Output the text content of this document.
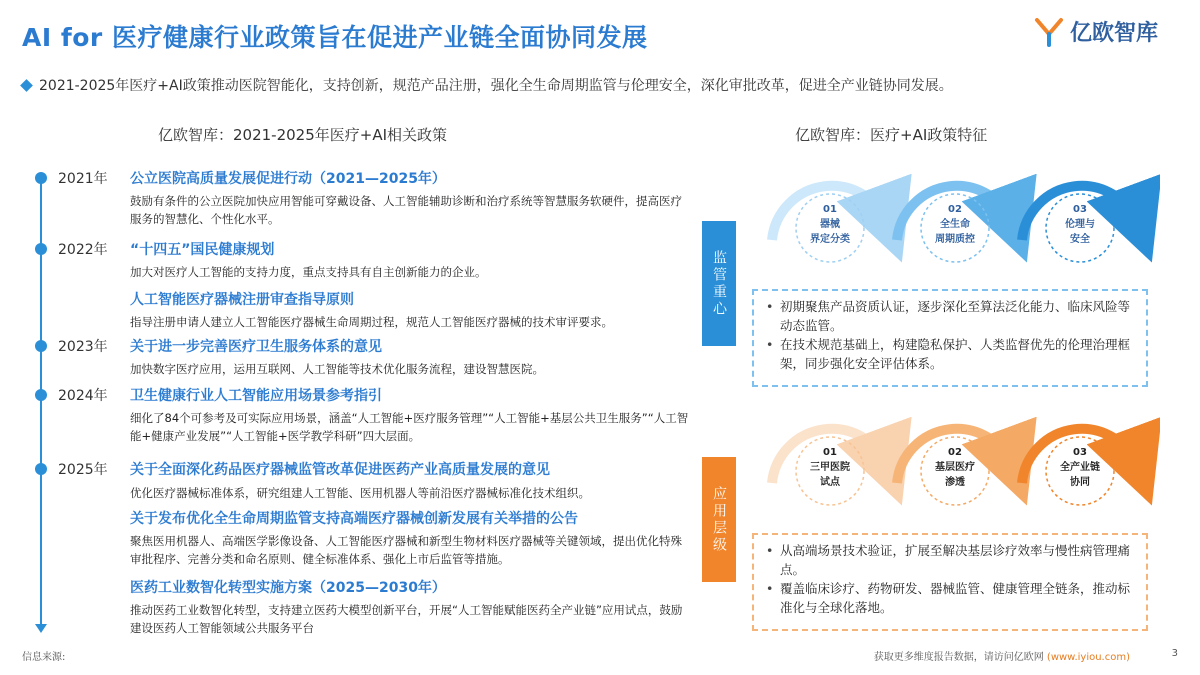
AI for 医疗健康行业政策旨在促进产业链全面协同发展	亿欧智库
2021-2025年医疗+AI政策推动医院智能化，支持创新，规范产品注册，强化全生命周期监管与伦理安全，深化审批改革，促进全产业链协同发展。
亿欧智库：2021-2025年医疗+AI相关政策	亿欧智库：医疗+AI政策特征
2021年 公立医院高质量发展促进行动（2021—2025年）
鼓励有条件的公立医院加快应用智能可穿戴设备、人工智能辅助诊断和治疗系统等智慧服务软硬件，提高医疗服务的智慧化、个性化水平。
2022年 “十四五”国民健康规划
加大对医疗人工智能的支持力度，重点支持具有自主创新能力的企业。
人工智能医疗器械注册审查指导原则
指导注册申请人建立人工智能医疗器械生命周期过程，规范人工智能医疗器械的技术审评要求。
2023年 关于进一步完善医疗卫生服务体系的意见
加快数字医疗应用，运用互联网、人工智能等技术优化服务流程，建设智慧医院。
2024年 卫生健康行业人工智能应用场景参考指引
细化了84个可参考及可实际应用场景，涵盖“人工智能+医疗服务管理”“人工智能+基层公共卫生服务”“人工智能+健康产业发展”“人工智能+医学教学科研”四大层面。
2025年 关于全面深化药品医疗器械监管改革促进医药产业高质量发展的意见
优化医疗器械标准体系，研究组建人工智能、医用机器人等前沿医疗器械标准化技术组织。
关于发布优化全生命周期监管支持高端医疗器械创新发展有关举措的公告
聚焦医用机器人、高端医学影像设备、人工智能医疗器械和新型生物材料医疗器械等关键领域，提出优化特殊审批程序、完善分类和命名原则、健全标准体系、强化上市后监管等措施。
医药工业数智化转型实施方案（2025—2030年）
推动医药工业数智化转型，支持建立医药大模型创新平台，开展“人工智能赋能医药全产业链”应用试点，鼓励建设医药人工智能领域公共服务平台
监管重心
01
器械
界定分类
02
全生命
周期质控
03
伦理与
安全
• 初期聚焦产品资质认证，逐步深化至算法泛化能力、临床风险等动态监管。
• 在技术规范基础上，构建隐私保护、人类监督优先的伦理治理框架，同步强化安全评估体系。
应用层级
01
三甲医院
试点
02
基层医疗
渗透
03
全产业链
协同
• 从高端场景技术验证，扩展至解决基层诊疗效率与慢性病管理痛点。
• 覆盖临床诊疗、药物研发、器械监管、健康管理全链条，推动标准化与全球化落地。
信息来源:	获取更多维度报告数据，请访问亿欧网 (www.iyiou.com)	3
